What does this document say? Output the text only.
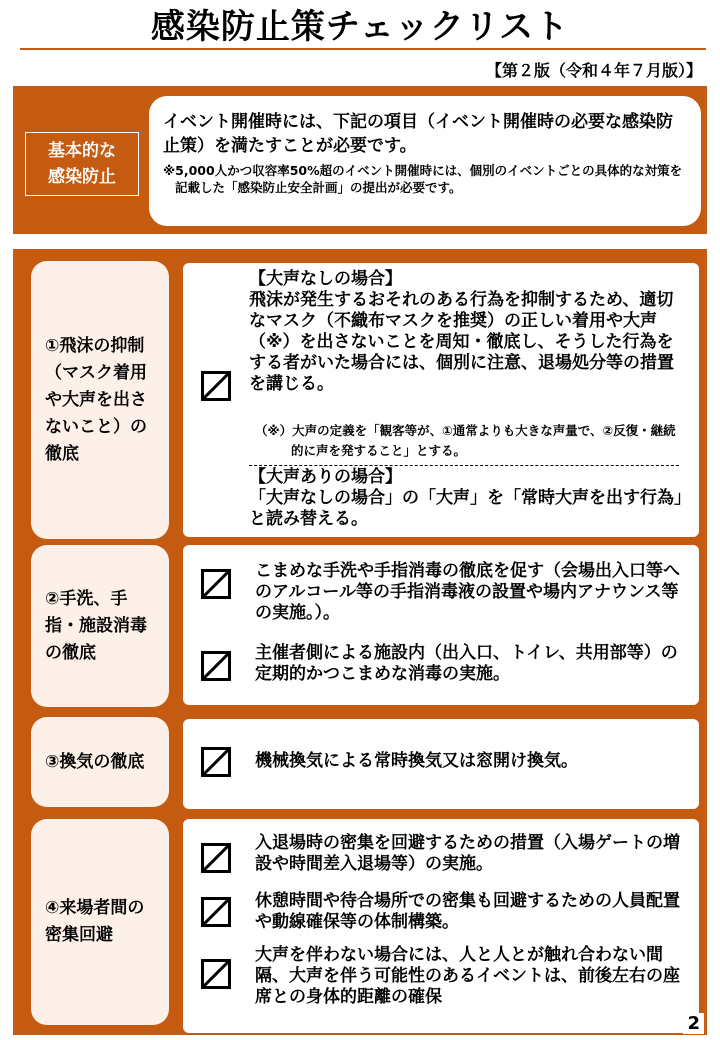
感染防止策チェックリスト
【第２版（令和４年７月版）】
基本的な
感染防止
イベント開催時には、下記の項目（イベント開催時の必要な感染防止策）を満たすことが必要です。
※5,000人かつ収容率50%超のイベント開催時には、個別のイベントごとの具体的な対策を記載した「感染防止安全計画」の提出が必要です。
①飛沫の抑制（マスク着用や大声を出さないこと）の徹底
【大声なしの場合】
飛沫が発生するおそれのある行為を抑制するため、適切なマスク（不織布マスクを推奨）の正しい着用や大声（※）を出さないことを周知・徹底し、そうした行為をする者がいた場合には、個別に注意、退場処分等の措置を講じる。
（※）大声の定義を「観客等が、①通常よりも大きな声量で、②反復・継続的に声を発すること」とする。
【大声ありの場合】
「大声なしの場合」の「大声」を「常時大声を出す行為」と読み替える。
②手洗、手指・施設消毒の徹底
こまめな手洗や手指消毒の徹底を促す（会場出入口等へのアルコール等の手指消毒液の設置や場内アナウンス等の実施。）。
主催者側による施設内（出入口、トイレ、共用部等）の定期的かつこまめな消毒の実施。
③換気の徹底	機械換気による常時換気又は窓開け換気。
④来場者間の密集回避
入退場時の密集を回避するための措置（入場ゲートの増設や時間差入退場等）の実施。
休憩時間や待合場所での密集も回避するための人員配置や動線確保等の体制構築。
大声を伴わない場合には、人と人とが触れ合わない間隔、大声を伴う可能性のあるイベントは、前後左右の座席との身体的距離の確保
2
